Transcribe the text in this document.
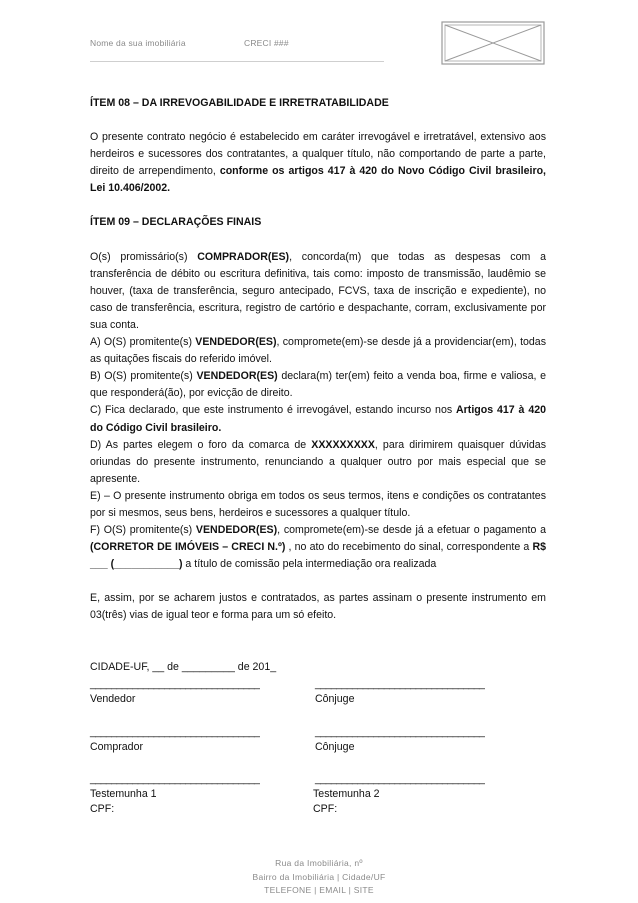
Nome da sua imobiliária	CRECI ###

ÍTEM 08 – DA IRREVOGABILIDADE E IRRETRATABILIDADE

O presente contrato negócio é estabelecido em caráter irrevogável e irretratável, extensivo aos herdeiros e sucessores dos contratantes, a qualquer título, não comportando de parte a parte, direito de arrependimento, conforme os artigos 417 à 420 do Novo Código Civil brasileiro, Lei 10.406/2002.

ÍTEM 09 – DECLARAÇÕES FINAIS

O(s) promissário(s) COMPRADOR(ES), concorda(m) que todas as despesas com a transferência de débito ou escritura definitiva, tais como: imposto de transmissão, laudêmio se houver, (taxa de transferência, seguro antecipado, FCVS, taxa de inscrição e expediente), no caso de transferência, escritura, registro de cartório e despachante, corram, exclusivamente por sua conta.

A) O(S) promitente(s) VENDEDOR(ES), compromete(em)-se desde já a providenciar(em), todas as quitações fiscais do referido imóvel.

B) O(S) promitente(s) VENDEDOR(ES) declara(m) ter(em) feito a venda boa, firme e valiosa, e que responderá(ão), por evicção de direito.

C) Fica declarado, que este instrumento é irrevogável, estando incurso nos Artigos 417 à 420 do Código Civil brasileiro.

D) As partes elegem o foro da comarca de XXXXXXXXX, para dirimirem quaisquer dúvidas oriundas do presente instrumento, renunciando a qualquer outro por mais especial que se apresente.

E) – O presente instrumento obriga em todos os seus termos, itens e condições os contratantes por si mesmos, seus bens, herdeiros e sucessores a qualquer título.

F) O(S) promitente(s) VENDEDOR(ES), compromete(em)-se desde já a efetuar o pagamento a (CORRETOR DE IMÓVEIS – CRECI N.º) , no ato do recebimento do sinal, correspondente a R$ ___ (___________) a título de comissão pela intermediação ora realizada

E, assim, por se acharem justos e contratados, as partes assinam o presente instrumento em 03(três) vias de igual teor e forma para um só efeito.

CIDADE-UF, __ de _________ de 201_

________________________________
Vendedor
________________________________
Cônjuge
________________________________
Comprador
________________________________
Cônjuge
________________________________
Testemunha 1
CPF:
________________________________
Testemunha 2
CPF:
Rua da Imobiliária, nº
Bairro da Imobiliária | Cidade/UF
TELEFONE | EMAIL | SITE
